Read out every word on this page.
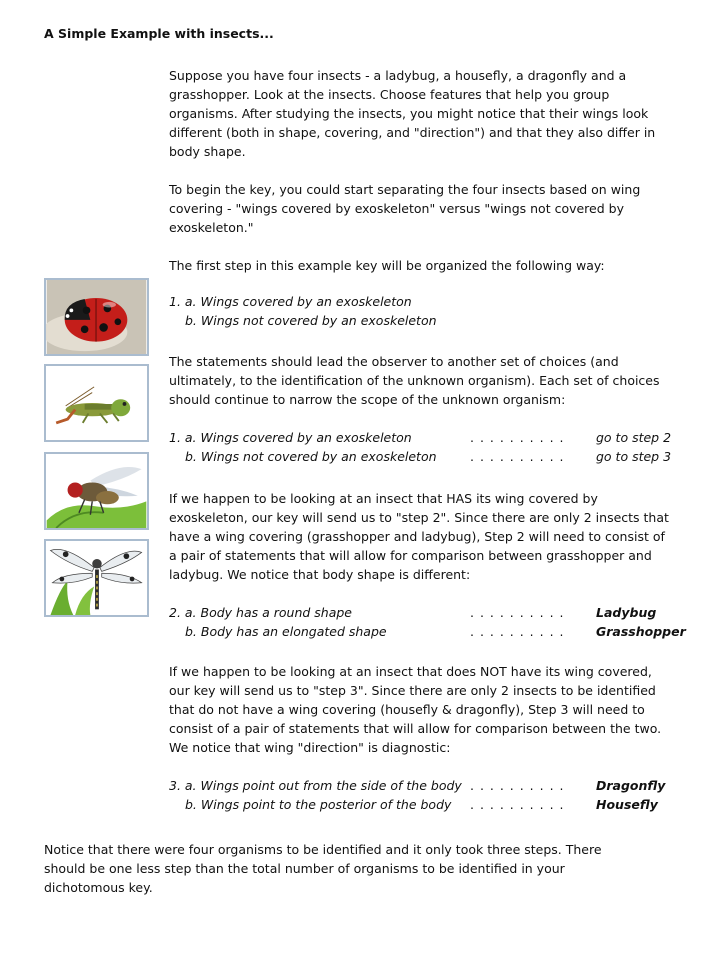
A Simple Example with insects...

Suppose you have four insects - a ladybug, a housefly, a dragonfly and a grasshopper. Look at the insects. Choose features that help you group organisms. After studying the insects, you might notice that their wings look different (both in shape, covering, and "direction") and that they also differ in body shape.

To begin the key, you could start separating the four insects based on wing covering - "wings covered by exoskeleton" versus "wings not covered by exoskeleton."

The first step in this example key will be organized the following way:

1. a. Wings covered by an exoskeleton
b. Wings not covered by an exoskeleton

The statements should lead the observer to another set of choices (and ultimately, to the identification of the unknown organism). Each set of choices should continue to narrow the scope of the unknown organism:

1. a. Wings covered by an exoskeleton	. . . . . . . . . .	go to step 2
b. Wings not covered by an exoskeleton	. . . . . . . . . .	go to step 3

If we happen to be looking at an insect that HAS its wing covered by exoskeleton, our key will send us to "step 2". Since there are only 2 insects that have a wing covering (grasshopper and ladybug), Step 2 will need to consist of a pair of statements that will allow for comparison between grasshopper and ladybug. We notice that body shape is different:

2. a. Body has a round shape	. . . . . . . . . .	Ladybug
b. Body has an elongated shape	. . . . . . . . . .	Grasshopper

If we happen to be looking at an insect that does NOT have its wing covered, our key will send us to "step 3". Since there are only 2 insects to be identified that do not have a wing covering (housefly & dragonfly), Step 3 will need to consist of a pair of statements that will allow for comparison between the two. We notice that wing "direction" is diagnostic:

3. a. Wings point out from the side of the body . . . . . . . . . .	Dragonfly
b. Wings point to the posterior of the body . . . . . . . . . .	Housefly

Notice that there were four organisms to be identified and it only took three steps. There should be one less step than the total number of organisms to be identified in your dichotomous key.
